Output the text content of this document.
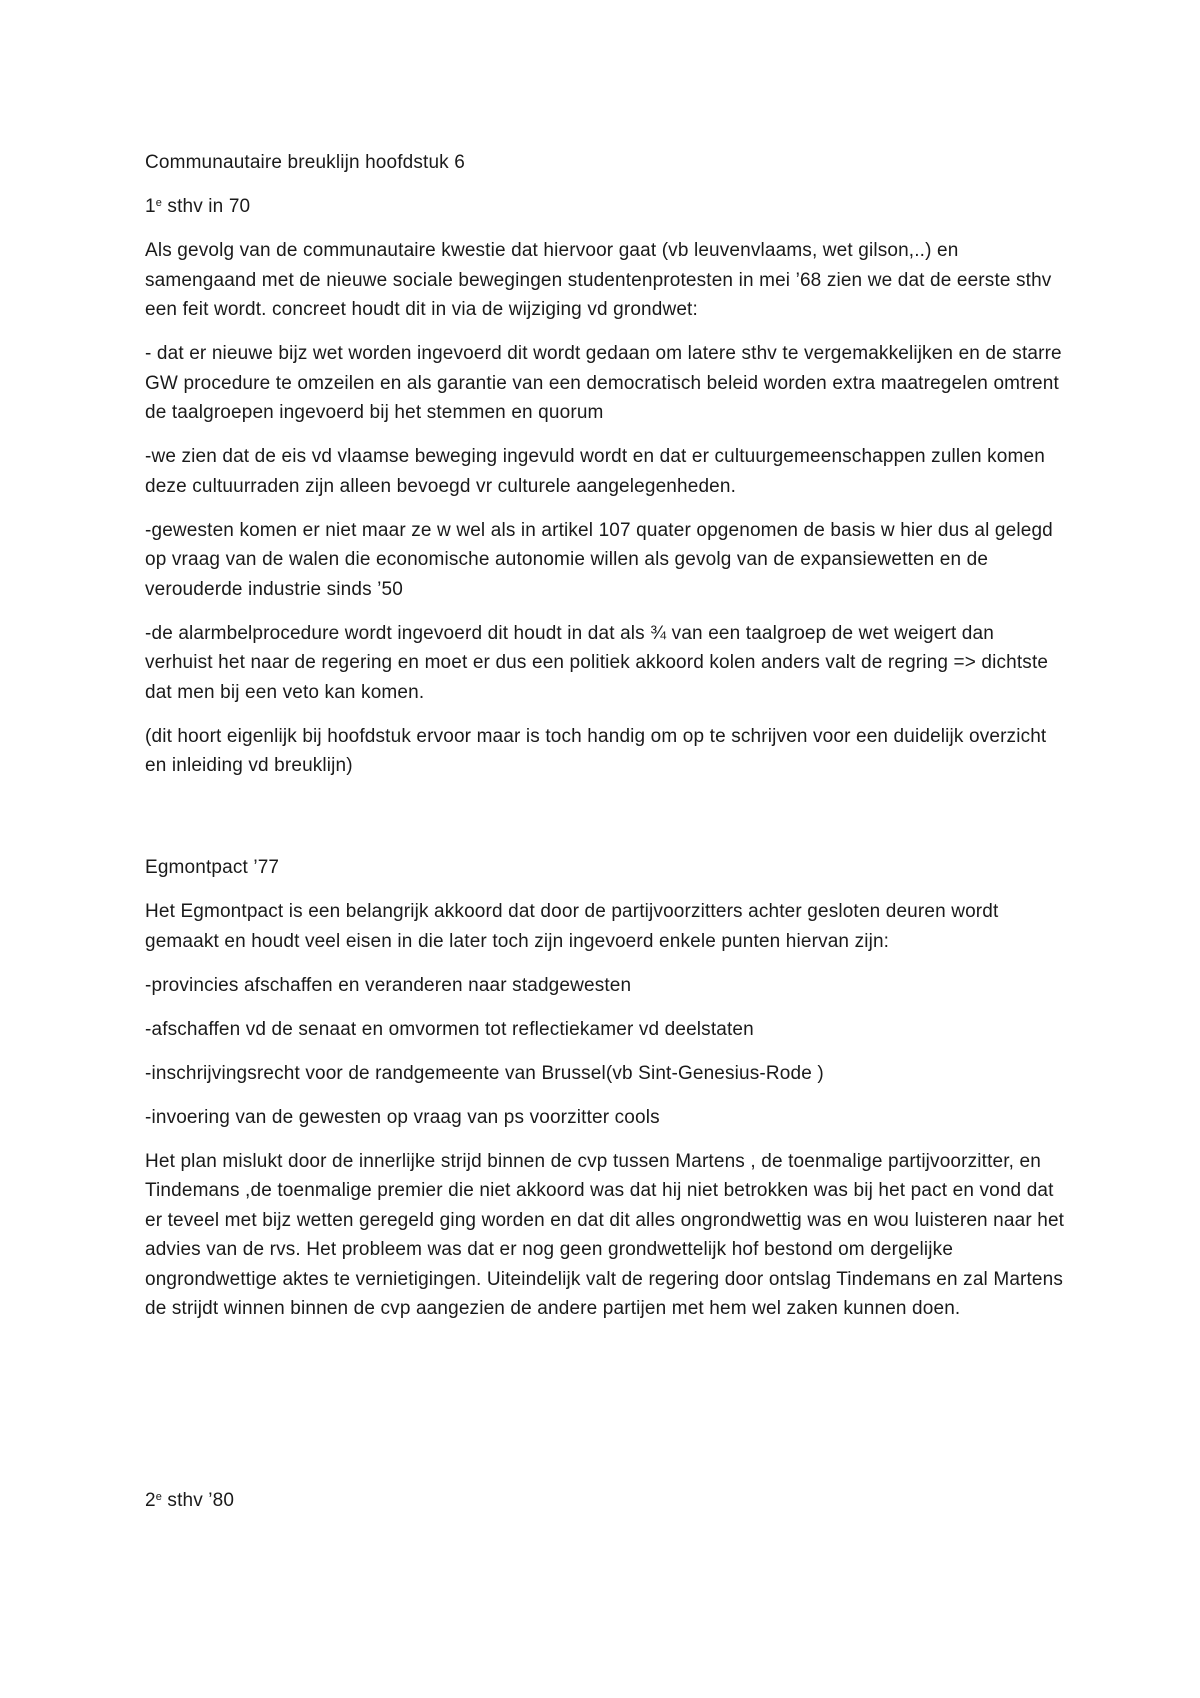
Communautaire breuklijn hoofdstuk 6

1e sthv in 70

Als gevolg van de communautaire kwestie dat hiervoor gaat (vb leuvenvlaams, wet gilson,..) en samengaand met de nieuwe sociale bewegingen studentenprotesten in mei ’68 zien we dat de eerste sthv een feit wordt. concreet houdt dit in via de wijziging vd grondwet:

- dat er nieuwe bijz wet worden ingevoerd dit wordt gedaan om latere sthv te vergemakkelijken en de starre GW procedure te omzeilen en als garantie van een democratisch beleid worden extra maatregelen omtrent de taalgroepen ingevoerd bij het stemmen en quorum

-we zien dat de eis vd vlaamse beweging ingevuld wordt en dat er cultuurgemeenschappen zullen komen deze cultuurraden zijn alleen bevoegd vr culturele aangelegenheden.

-gewesten komen er niet maar ze w wel als in artikel 107 quater opgenomen de basis w hier dus al gelegd op vraag van de walen die economische autonomie willen als gevolg van de expansiewetten en de verouderde industrie sinds ’50

-de alarmbelprocedure wordt ingevoerd dit houdt in dat als ¾ van een taalgroep de wet weigert dan verhuist het naar de regering en moet er dus een politiek akkoord kolen anders valt de regring => dichtste dat men bij een veto kan komen.

(dit hoort eigenlijk bij hoofdstuk ervoor maar is toch handig om op te schrijven voor een duidelijk overzicht en inleiding vd breuklijn)

Egmontpact ’77

Het Egmontpact is een belangrijk akkoord dat door de partijvoorzitters achter gesloten deuren wordt gemaakt en houdt veel eisen in die later toch zijn ingevoerd enkele punten hiervan zijn:

-provincies afschaffen en veranderen naar stadgewesten

-afschaffen vd de senaat en omvormen tot reflectiekamer vd deelstaten

-inschrijvingsrecht voor de randgemeente van Brussel(vb Sint-Genesius-Rode )

-invoering van de gewesten op vraag van ps voorzitter cools

Het plan mislukt door de innerlijke strijd binnen de cvp tussen Martens , de toenmalige partijvoorzitter, en Tindemans ,de toenmalige premier die niet akkoord was dat hij niet betrokken was bij het pact en vond dat er teveel met bijz wetten geregeld ging worden en dat dit alles ongrondwettig was en wou luisteren naar het advies van de rvs. Het probleem was dat er nog geen grondwettelijk hof bestond om dergelijke ongrondwettige aktes te vernietigingen. Uiteindelijk valt de regering door ontslag Tindemans en zal Martens de strijdt winnen binnen de cvp aangezien de andere partijen met hem wel zaken kunnen doen.

2e sthv ’80
